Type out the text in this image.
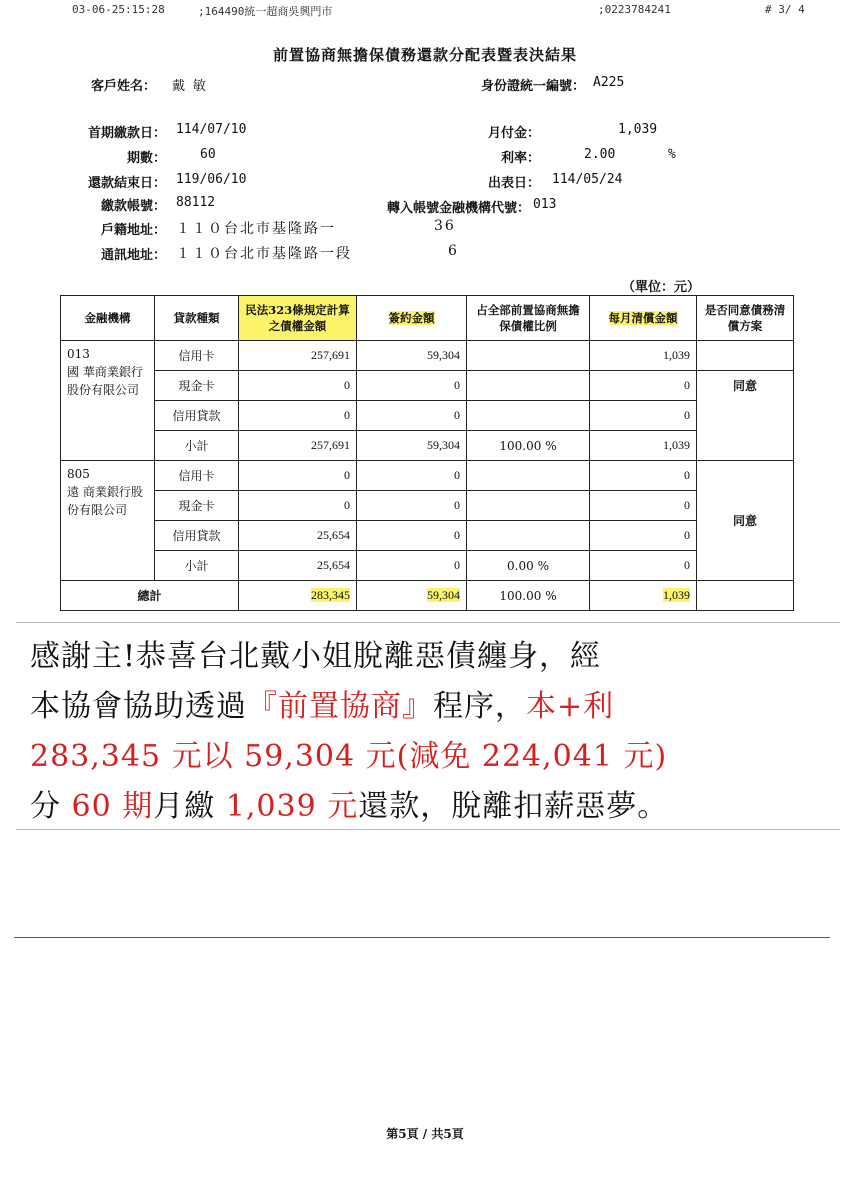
03-06-25:15:28	;164490統一超商吳興門市	;0223784241	# 3/ 4
前置協商無擔保債務還款分配表暨表決結果
客戶姓名： 戴 敏	身份證統一編號： A225
首期繳款日： 114/07/10	月付金：	1,039
期數：	60	利率：	2.00	%
還款結束日： 119/06/10	出表日： 114/05/24
繳款帳號： 88112	轉入帳號金融機構代號： 013
戶籍地址： １１０台北市基隆路一	36
通訊地址： １１０台北市基隆路一段	6
（單位：元）
金融機構	貸款種類	民法323條規定計算之債權金額	簽約金額	占全部前置協商無擔保債權比例	每月清償金額	是否同意債務清償方案
013
國 華商業銀行股份有限公司	信用卡	257,691	59,304		1,039	
	現金卡	0	0		0	同意
	信用貸款	0	0		0	
	小計	257,691	59,304	100.00 %	1,039	
805
遠 商業銀行股份有限公司	信用卡	0	0		0	同意
	現金卡	0	0		0	
	信用貸款	25,654	0		0	
	小計	25,654	0	0.00 %	0	
總計		283,345	59,304	100.00 %	1,039	
感謝主!恭喜台北戴小姐脫離惡債纏身，經
本協會協助透過『前置協商』程序，本+利
283,345 元以 59,304 元(減免 224,041 元)
分 60 期月繳 1,039 元還款，脫離扣薪惡夢。
第5頁 / 共5頁
